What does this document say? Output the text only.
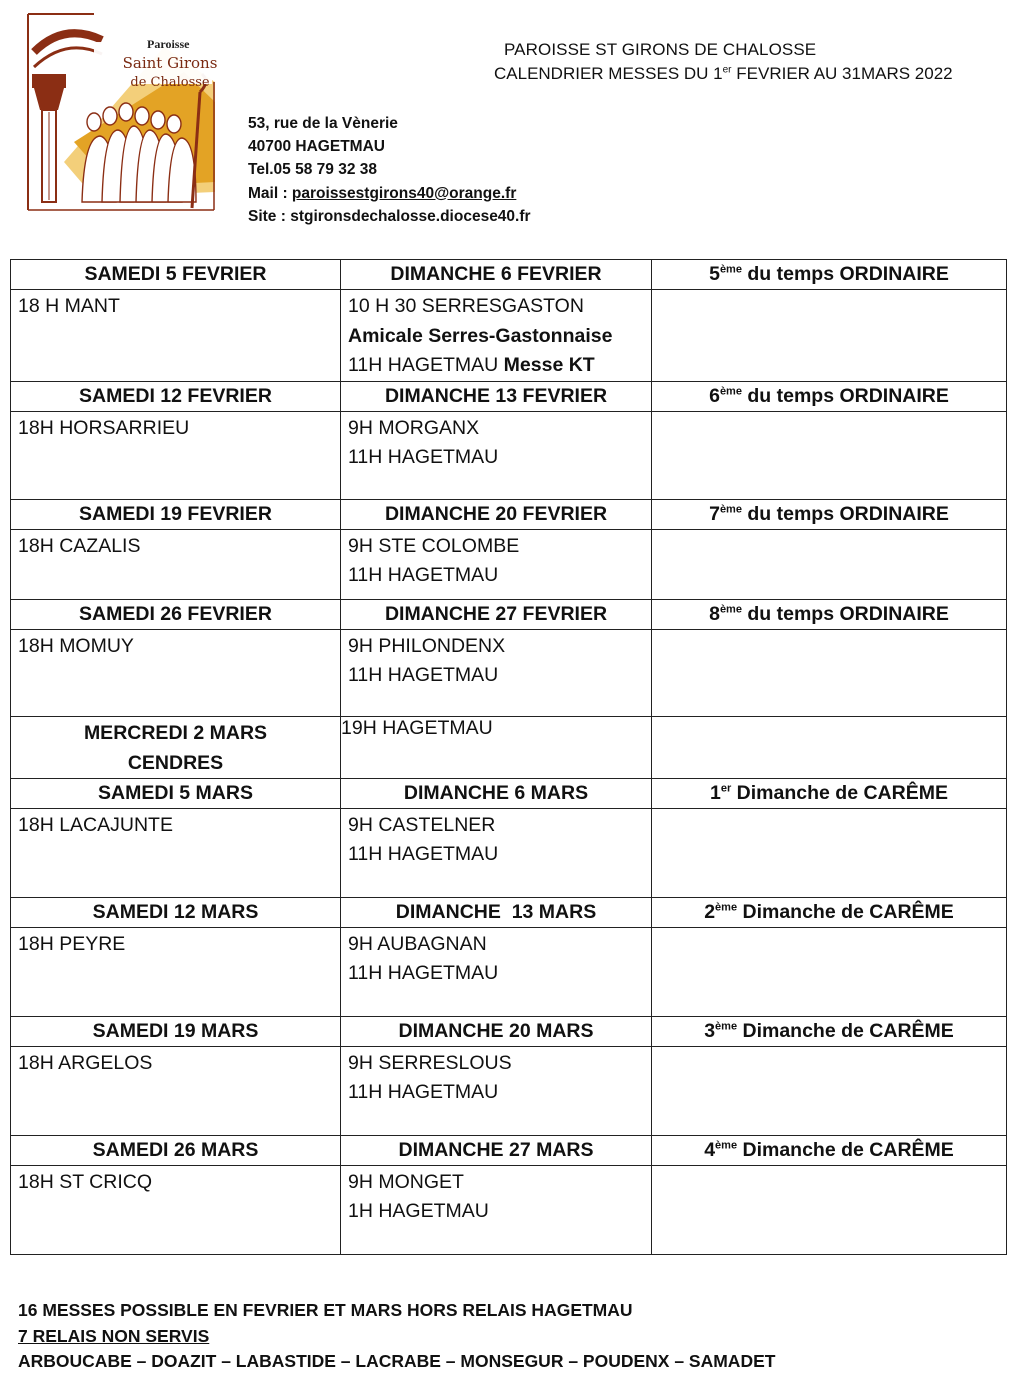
Paroisse
Saint Girons
de Chalosse
PAROISSE ST GIRONS DE CHALOSSE
CALENDRIER MESSES DU 1er FEVRIER AU 31MARS 2022
53, rue de la Vènerie
40700 HAGETMAU
Tel.05 58 79 32 38
Mail : paroissestgirons40@orange.fr
Site : stgironsdechalosse.diocese40.fr
SAMEDI 5 FEVRIER	DIMANCHE 6 FEVRIER	5ème du temps ORDINAIRE

18 H MANT	10 H 30 SERRESGASTON
Amicale Serres-Gastonnaise
11H HAGETMAU Messe KT	

SAMEDI 12 FEVRIER	DIMANCHE 13 FEVRIER	6ème du temps ORDINAIRE

18H HORSARRIEU	9H MORGANX
11H HAGETMAU	

SAMEDI 19 FEVRIER	DIMANCHE 20 FEVRIER	7ème du temps ORDINAIRE

18H CAZALIS	9H STE COLOMBE
11H HAGETMAU	

SAMEDI 26 FEVRIER	DIMANCHE 27 FEVRIER	8ème du temps ORDINAIRE

18H MOMUY	9H PHILONDENX
11H HAGETMAU	

MERCREDI 2 MARS
CENDRES	19H HAGETMAU	

SAMEDI 5 MARS	DIMANCHE 6 MARS	1er Dimanche de CARÊME

18H LACAJUNTE	9H CASTELNER
11H HAGETMAU	

SAMEDI 12 MARS	DIMANCHE  13 MARS	2ème Dimanche de CARÊME

18H PEYRE	9H AUBAGNAN
11H HAGETMAU	

SAMEDI 19 MARS	DIMANCHE 20 MARS	3ème Dimanche de CARÊME

18H ARGELOS	9H SERRESLOUS
11H HAGETMAU	

SAMEDI 26 MARS	DIMANCHE 27 MARS	4ème Dimanche de CARÊME

18H ST CRICQ	9H MONGET
1H HAGETMAU	

16 MESSES POSSIBLE EN FEVRIER ET MARS HORS RELAIS HAGETMAU
7 RELAIS NON SERVIS
ARBOUCABE – DOAZIT – LABASTIDE – LACRABE – MONSEGUR – POUDENX – SAMADET
